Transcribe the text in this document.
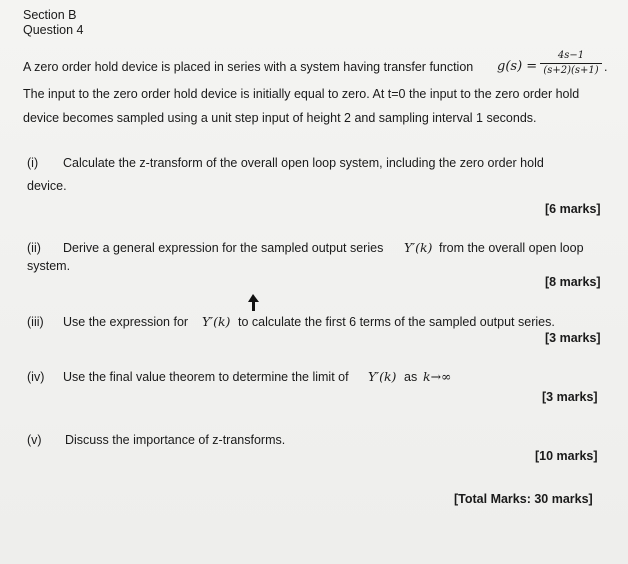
Section B
Question 4
A zero order hold device is placed in series with a system having transfer function g(s) =
4s−1
(s+2)(s+1) .
The input to the zero order hold device is initially equal to zero. At t=0 the input to the zero order hold
device becomes sampled using a unit step input of height 2 and sampling interval 1 seconds.
(i) Calculate the z-transform of the overall open loop system, including the zero order hold
device.
[6 marks]
(ii) Derive a general expression for the sampled output series Y′(k) from the overall open loop
system.
[8 marks]
(iii) Use the expression for Y′(k) to calculate the first 6 terms of the sampled output series.
[3 marks]
(iv) Use the final value theorem to determine the limit of Y′(k) as k→∞
[3 marks]
(v) Discuss the importance of z-transforms.
[10 marks]
[Total Marks: 30 marks]
